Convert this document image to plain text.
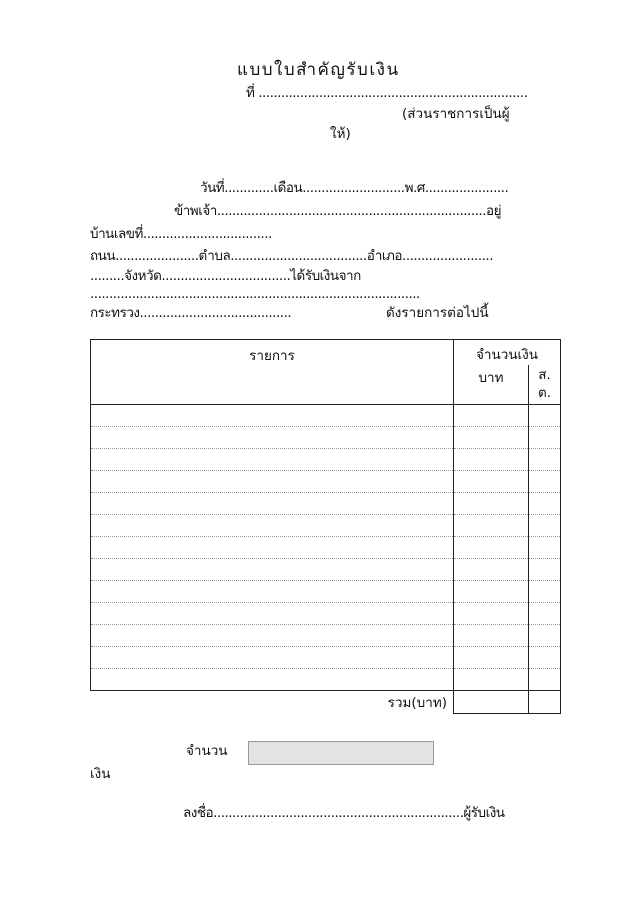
แบบใบสำคัญรับเงิน
ที่ .......................................................................
(ส่วนราชการเป็นผู้
ให้)
วันที่.............เดือน...........................พ.ศ......................
ข้าพเจ้า.......................................................................อยู่
บ้านเลขที่..................................
ถนน......................ตำบล....................................อำเภอ........................
.........จังหวัด..................................ได้รับเงินจาก
.......................................................................................
กระทรวง........................................	ดังรายการต่อไปนี้
รายการ	จำนวนเงิน	
	บาท	ส.
ต.

รวม(บาท)		
จำนวน
เงิน
ลงชื่อ..................................................................ผู้รับเงิน
